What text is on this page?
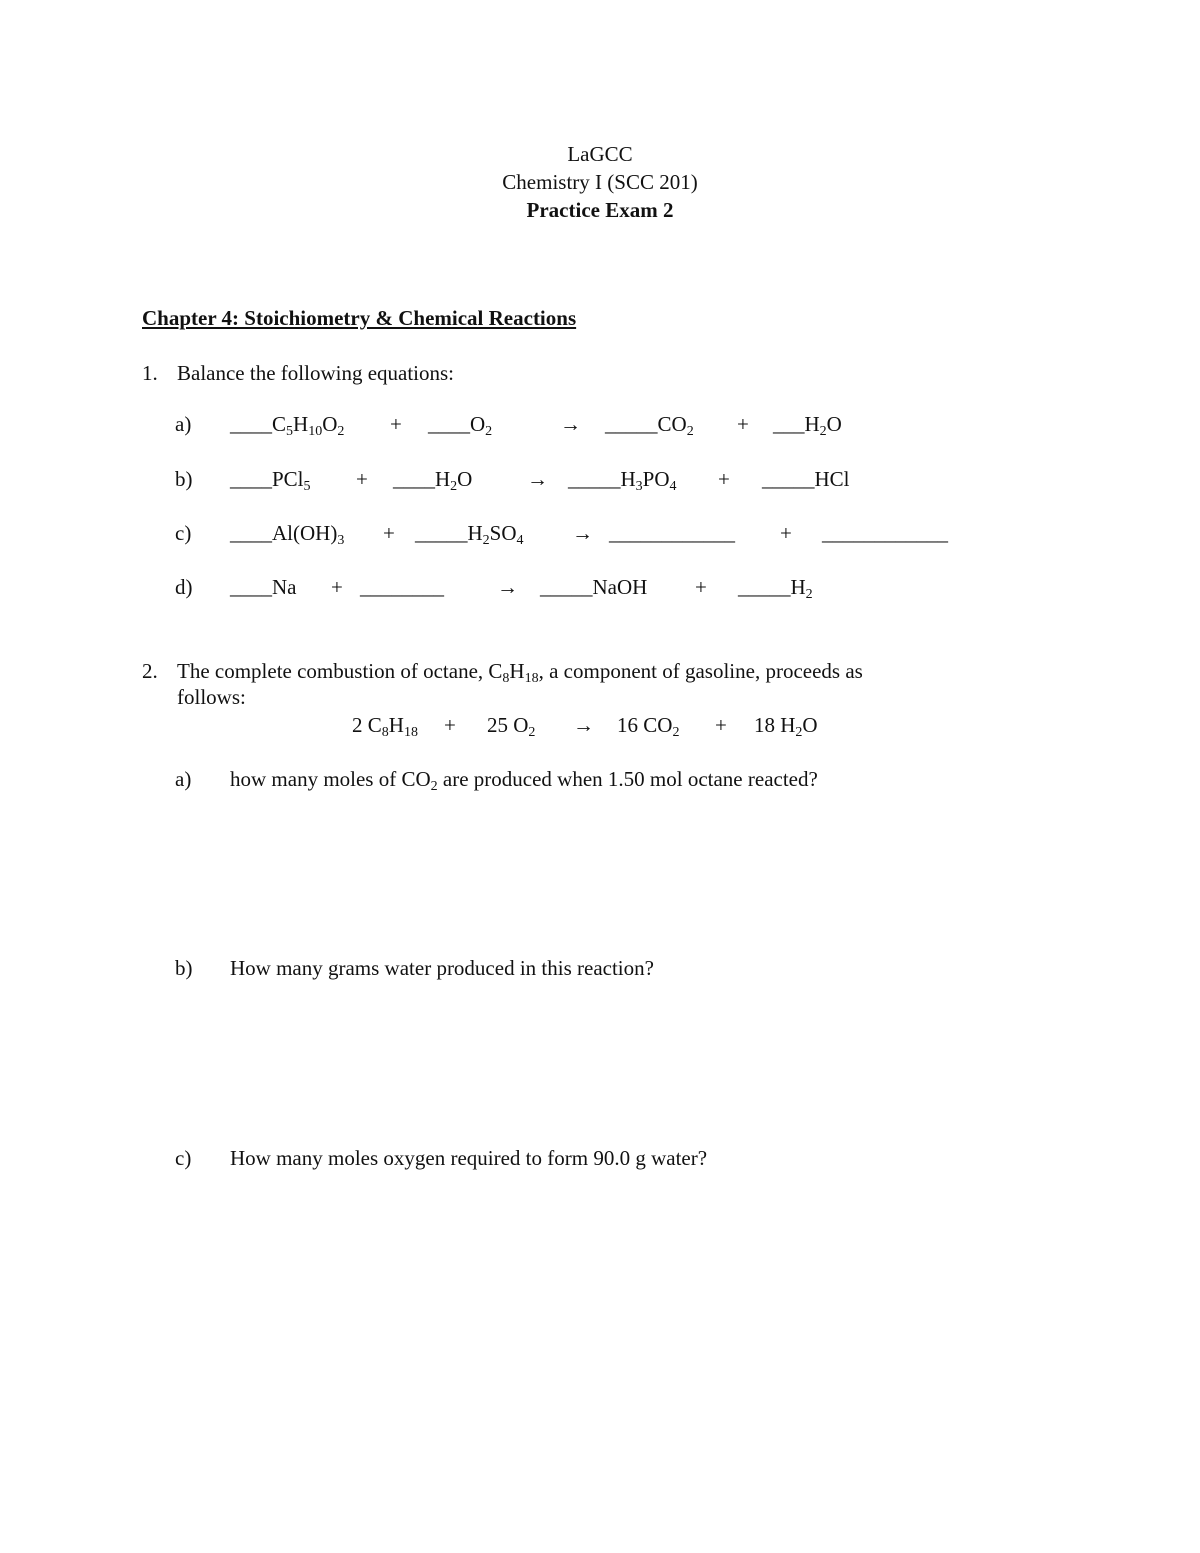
LaGCC
Chemistry I (SCC 201)
Practice Exam 2
Chapter 4: Stoichiometry & Chemical Reactions
1. Balance the following equations:
a) $\_\_\_\_C_5H_{10}O_2$ + $\_\_\_\_O_2$	→ $\_\_\_\_\_CO_2$ + $\_\_\_H_2O$
b) ____PCl$_5$ + $\_\_\_\_H_2O$	→ $\_\_\_\_\_H_3PO_4$ + _____HCl
c) $\_\_\_\_Al(OH)_3$ + $\_\_\_\_\_H_2SO_4$ → ____________ + ____________
d) ____Na + ________	→ _____NaOH + $\_\_\_\_\_H_2$
2. The complete combustion of octane, $C_8H_{18}$, a component of gasoline, proceeds as
follows:
2 $C_8H_{18} + 25$ $O_2 \to 16$ $CO_2 + 18$ $H_2O$
a) how many moles of $CO_2$ are produced when 1.50 mol octane reacted?
b) How many grams water produced in this reaction?
c) How many moles oxygen required to form 90.0 g water?
